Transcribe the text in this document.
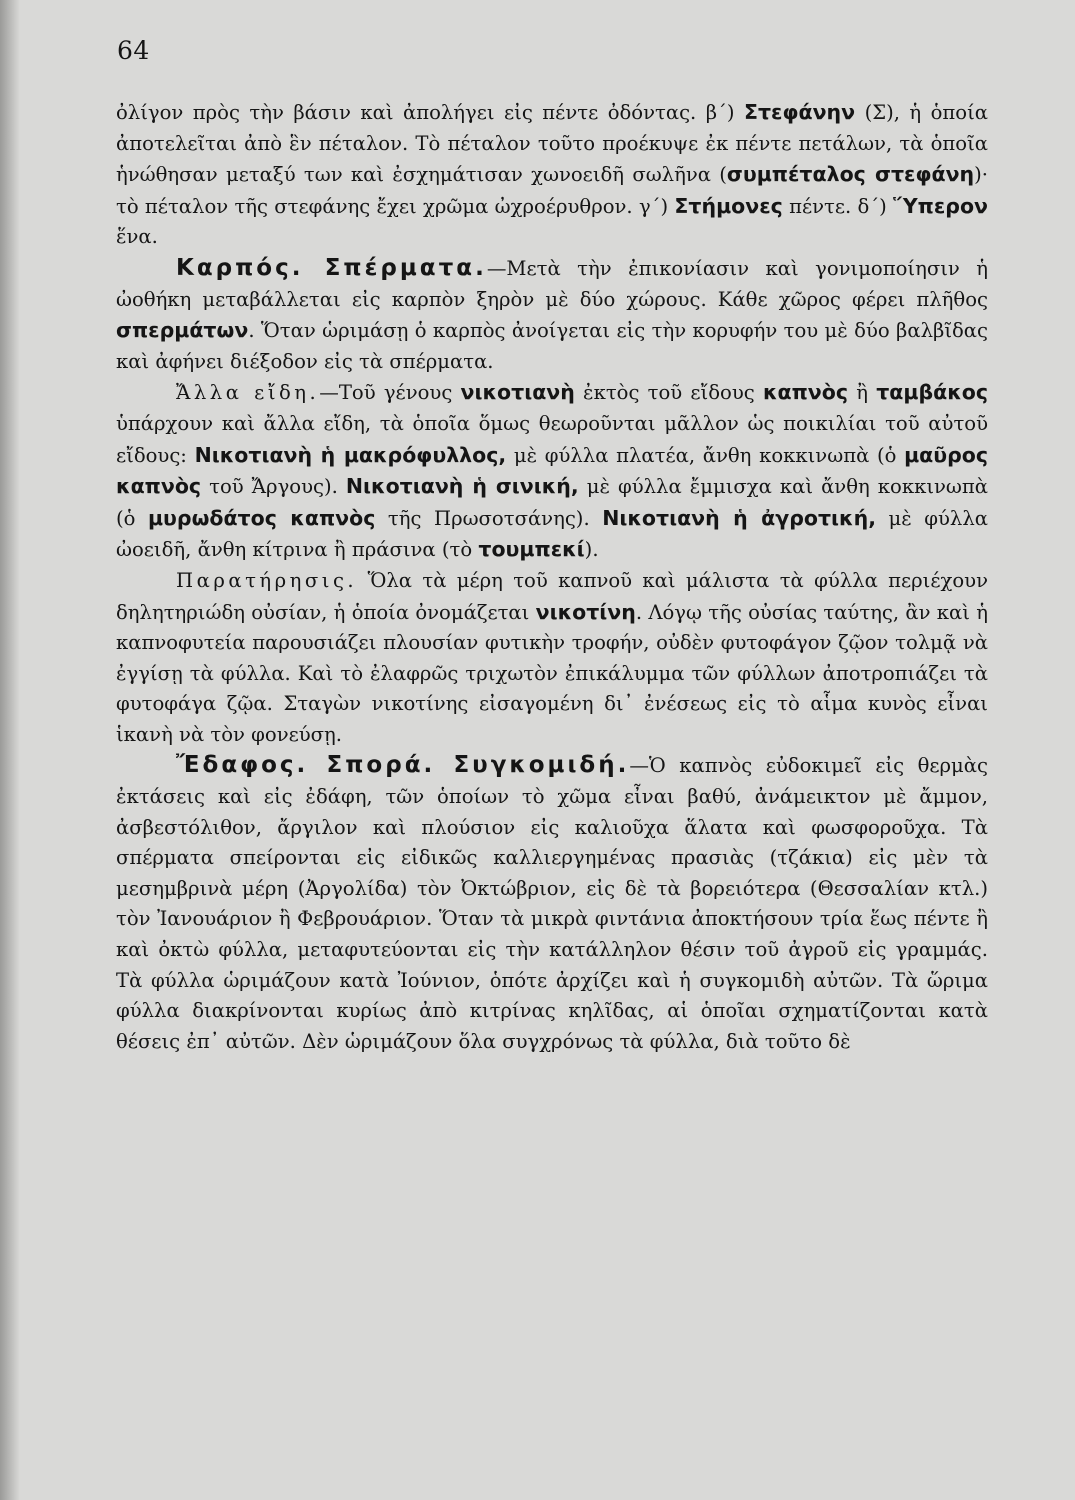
64

ὀλίγον πρὸς τὴν βάσιν καὶ ἀπολήγει εἰς πέντε ὀδόντας. β΄) Στεφάνην (Σ), ἡ ὁποία ἀποτελεῖται ἀπὸ ἓν πέταλον. Τὸ πέταλον τοῦτο προέκυψε ἐκ πέντε πετάλων, τὰ ὁποῖα ἡνώθησαν μεταξύ των καὶ ἐσχημάτισαν χωνοειδῆ σωλῆνα (συμπέταλος στεφάνη)· τὸ πέταλον τῆς στεφάνης ἔχει χρῶμα ὠχροέρυθρον. γ΄) Στήμονες πέντε. δ΄) Ὕπερον ἕνα.

Καρπός. Σπέρματα.—Μετὰ τὴν ἐπικονίασιν καὶ γονιμοποίησιν ἡ ὠοθήκη μεταβάλλεται εἰς καρπὸν ξηρὸν μὲ δύο χώρους. Κάθε χῶρος φέρει πλῆθος σπερμάτων. Ὅταν ὡριμάσῃ ὁ καρπὸς ἀνοίγεται εἰς τὴν κορυφήν του μὲ δύο βαλβῖδας καὶ ἀφήνει διέξοδον εἰς τὰ σπέρματα.

Ἄλλα εἴδη.—Τοῦ γένους νικοτιανὴ ἐκτὸς τοῦ εἴδους καπνὸς ἢ ταμβάκος ὑπάρχουν καὶ ἄλλα εἴδη, τὰ ὁποῖα ὅμως θεωροῦνται μᾶλλον ὡς ποικιλίαι τοῦ αὐτοῦ εἴδους: Νικοτιανὴ ἡ μακρόφυλλος, μὲ φύλλα πλατέα, ἄνθη κοκκινωπὰ (ὁ μαῦρος καπνὸς τοῦ Ἄργους). Νικοτιανὴ ἡ σινική, μὲ φύλλα ἔμμισχα καὶ ἄνθη κοκκινωπὰ (ὁ μυρωδάτος καπνὸς τῆς Πρωσοτσάνης). Νικοτιανὴ ἡ ἀγροτική, μὲ φύλλα ὠοειδῆ, ἄνθη κίτρινα ἢ πράσινα (τὸ τουμπεκί).

Παρατήρησις. Ὅλα τὰ μέρη τοῦ καπνοῦ καὶ μάλιστα τὰ φύλλα περιέχουν δηλητηριώδη οὐσίαν, ἡ ὁποία ὀνομάζεται νικοτίνη. Λόγῳ τῆς οὐσίας ταύτης, ἂν καὶ ἡ καπνοφυτεία παρουσιάζει πλουσίαν φυτικὴν τροφήν, οὐδὲν φυτοφάγον ζῷον τολμᾷ νὰ ἐγγίσῃ τὰ φύλλα. Καὶ τὸ ἐλαφρῶς τριχωτὸν ἐπικάλυμμα τῶν φύλλων ἀποτροπιάζει τὰ φυτοφάγα ζῷα. Σταγὼν νικοτίνης εἰσαγομένη δι᾽ ἐνέσεως εἰς τὸ αἷμα κυνὸς εἶναι ἱκανὴ νὰ τὸν φονεύσῃ.

Ἔδαφος. Σπορά. Συγκομιδή.—Ὁ καπνὸς εὐδοκιμεῖ εἰς θερμὰς ἐκτάσεις καὶ εἰς ἐδάφη, τῶν ὁποίων τὸ χῶμα εἶναι βαθύ, ἀνάμεικτον μὲ ἄμμον, ἀσβεστόλιθον, ἄργιλον καὶ πλούσιον εἰς καλιοῦχα ἅλατα καὶ φωσφοροῦχα. Τὰ σπέρματα σπείρονται εἰς εἰδικῶς καλλιεργημένας πρασιὰς (τζάκια) εἰς μὲν τὰ μεσημβρινὰ μέρη (Ἀργολίδα) τὸν Ὀκτώβριον, εἰς δὲ τὰ βορειότερα (Θεσσαλίαν κτλ.) τὸν Ἰανουάριον ἢ Φεβρουάριον. Ὅταν τὰ μικρὰ φιντάνια ἀποκτήσουν τρία ἕως πέντε ἢ καὶ ὀκτὼ φύλλα, μεταφυτεύονται εἰς τὴν κατάλληλον θέσιν τοῦ ἀγροῦ εἰς γραμμάς. Τὰ φύλλα ὡριμάζουν κατὰ Ἰούνιον, ὁπότε ἀρχίζει καὶ ἡ συγκομιδὴ αὐτῶν. Τὰ ὥριμα φύλλα διακρίνονται κυρίως ἀπὸ κιτρίνας κηλῖδας, αἱ ὁποῖαι σχηματίζονται κατὰ θέσεις ἐπ᾽ αὐτῶν. Δὲν ὡριμάζουν ὅλα συγχρόνως τὰ φύλλα, διὰ τοῦτο δὲ
